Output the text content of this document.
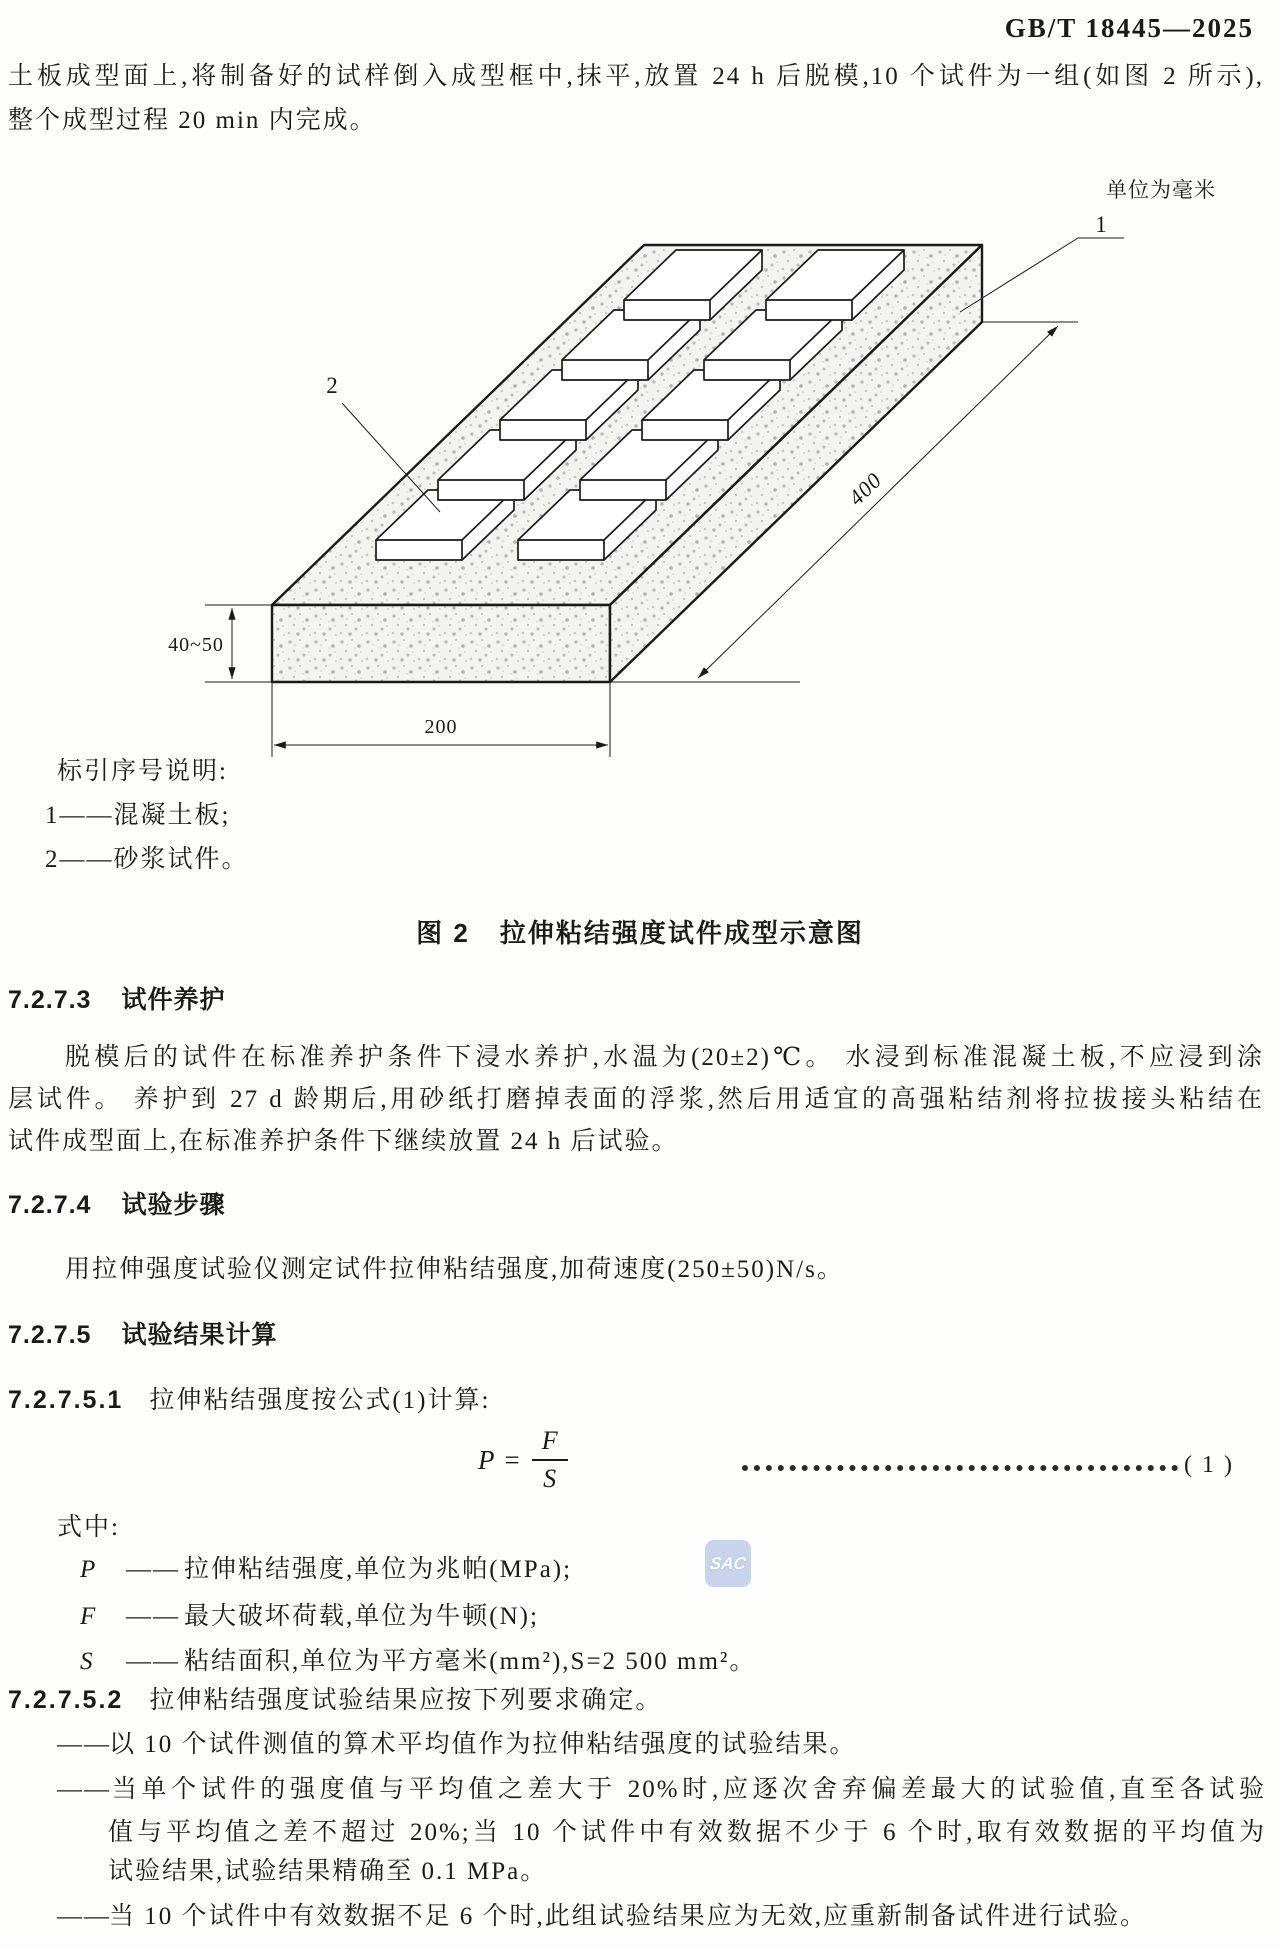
GB/T 18445—2025
土板成型面上,将制备好的试样倒入成型框中,抹平,放置 24 h 后脱模,10 个试件为一组(如图 2 所示),
整个成型过程 20 min 内完成。
单位为毫米
40~50
200
400
1
2
标引序号说明:
1——混凝土板;
2——砂浆试件。
图 2 拉伸粘结强度试件成型示意图
7.2.7.3 试件养护
脱模后的试件在标准养护条件下浸水养护,水温为(20±2)℃。 水浸到标准混凝土板,不应浸到涂
层试件。 养护到 27 d 龄期后,用砂纸打磨掉表面的浮浆,然后用适宜的高强粘结剂将拉拔接头粘结在
试件成型面上,在标准养护条件下继续放置 24 h 后试验。
7.2.7.4 试验步骤
用拉伸强度试验仪测定试件拉伸粘结强度,加荷速度(250±50)N/s。
7.2.7.5 试验结果计算
7.2.7.5.1 拉伸粘结强度按公式(1)计算:
$P = \frac{F}{S}$	( 1 )
式中:
P —— 拉伸粘结强度,单位为兆帕(MPa);
F —— 最大破坏荷载,单位为牛顿(N);
S —— 粘结面积,单位为平方毫米(mm²),S=2 500 mm²。
SAC
7.2.7.5.2 拉伸粘结强度试验结果应按下列要求确定。
——以 10 个试件测值的算术平均值作为拉伸粘结强度的试验结果。
——当单个试件的强度值与平均值之差大于 20%时,应逐次舍弃偏差最大的试验值,直至各试验
值与平均值之差不超过 20%;当 10 个试件中有效数据不少于 6 个时,取有效数据的平均值为
试验结果,试验结果精确至 0.1 MPa。
——当 10 个试件中有效数据不足 6 个时,此组试验结果应为无效,应重新制备试件进行试验。
